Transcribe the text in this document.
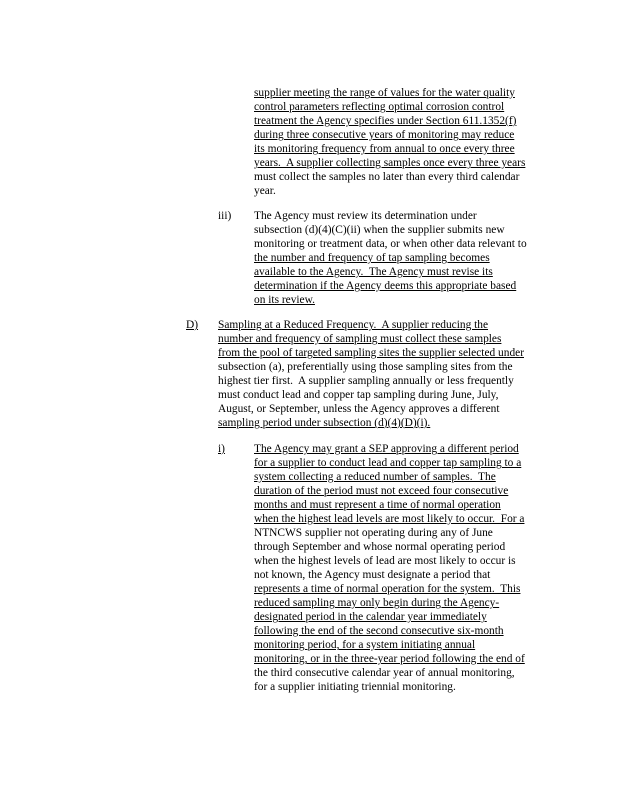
supplier meeting the range of values for the water quality
control parameters reflecting optimal corrosion control
treatment the Agency specifies under Section 611.1352(f)
during three consecutive years of monitoring may reduce
its monitoring frequency from annual to once every three
years.  A supplier collecting samples once every three years
must collect the samples no later than every third calendar
year.
iii) The Agency must review its determination under
subsection (d)(4)(C)(ii) when the supplier submits new
monitoring or treatment data, or when other data relevant to
the number and frequency of tap sampling becomes
available to the Agency.  The Agency must revise its
determination if the Agency deems this appropriate based
on its review.
D) Sampling at a Reduced Frequency.  A supplier reducing the
number and frequency of sampling must collect these samples
from the pool of targeted sampling sites the supplier selected under
subsection (a), preferentially using those sampling sites from the
highest tier first.  A supplier sampling annually or less frequently
must conduct lead and copper tap sampling during June, July,
August, or September, unless the Agency approves a different
sampling period under subsection (d)(4)(D)(i).
i)	The Agency may grant a SEP approving a different period
for a supplier to conduct lead and copper tap sampling to a
system collecting a reduced number of samples.  The
duration of the period must not exceed four consecutive
months and must represent a time of normal operation
when the highest lead levels are most likely to occur.  For a
NTNCWS supplier not operating during any of June
through September and whose normal operating period
when the highest levels of lead are most likely to occur is
not known, the Agency must designate a period that
represents a time of normal operation for the system.  This
reduced sampling may only begin during the Agency-
designated period in the calendar year immediately
following the end of the second consecutive six-month
monitoring period, for a system initiating annual
monitoring, or in the three-year period following the end of
the third consecutive calendar year of annual monitoring,
for a supplier initiating triennial monitoring.
